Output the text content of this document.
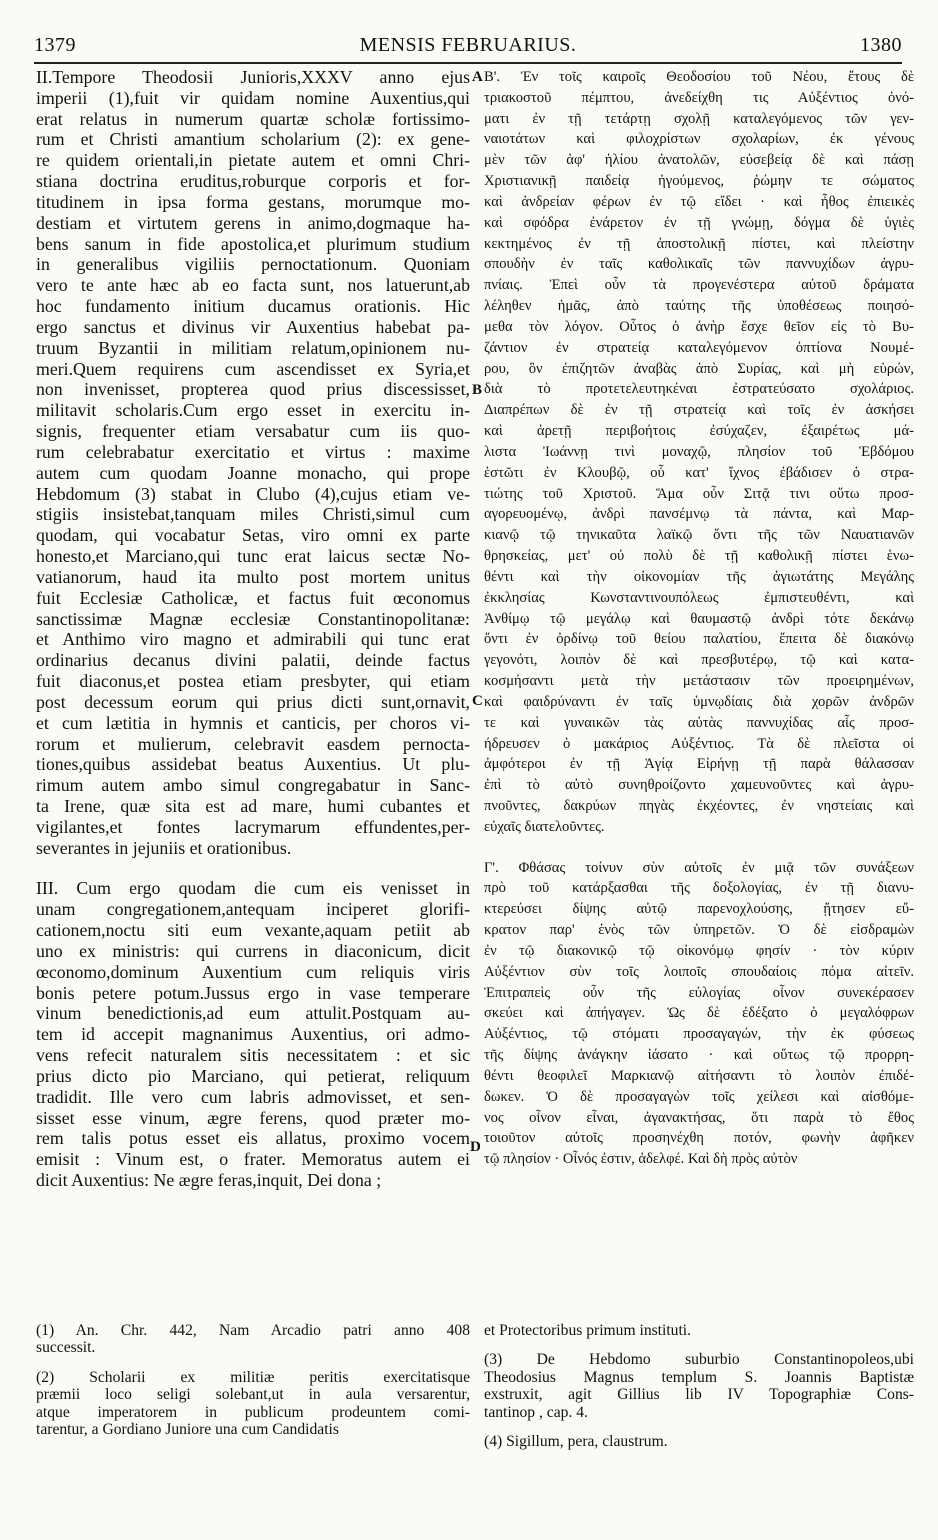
1379	MENSIS FEBRUARIUS.	1380
A
B
C
D
II.Tempore Theodosii Junioris,XXXV anno ejus
imperii (1),fuit vir quidam nomine Auxentius,qui
erat relatus in numerum quartæ scholæ fortissimo-
rum et Christi amantium scholarium (2): ex gene-
re quidem orientali,in pietate autem et omni Chri-
stiana doctrina eruditus,roburque corporis et for-
titudinem in ipsa forma gestans, morumque mo-
destiam et virtutem gerens in animo,dogmaque ha-
bens sanum in fide apostolica,et plurimum studium
in generalibus vigiliis pernoctationum. Quoniam
vero te ante hæc ab eo facta sunt, nos latuerunt,ab
hoc fundamento initium ducamus orationis. Hic
ergo sanctus et divinus vir Auxentius habebat pa-
truum Byzantii in militiam relatum,opinionem nu-
meri.Quem requirens cum ascendisset ex Syria,et
non invenisset, propterea quod prius discessisset,
militavit scholaris.Cum ergo esset in exercitu in-
signis, frequenter etiam versabatur cum iis quo-
rum celebrabatur exercitatio et virtus : maxime
autem cum quodam Joanne monacho, qui prope
Hebdomum (3) stabat in Clubo (4),cujus etiam ve-
stigiis insistebat,tanquam miles Christi,simul cum
quodam, qui vocabatur Setas, viro omni ex parte
honesto,et Marciano,qui tunc erat laicus sectæ No-
vatianorum, haud ita multo post mortem unitus
fuit Ecclesiæ Catholicæ, et factus fuit œconomus
sanctissimæ Magnæ ecclesiæ Constantinopolitanæ:
et Anthimo viro magno et admirabili qui tunc erat
ordinarius decanus divini palatii, deinde factus
fuit diaconus,et postea etiam presbyter, qui etiam
post decessum eorum qui prius dicti sunt,ornavit,
et cum lætitia in hymnis et canticis, per choros vi-
rorum et mulierum, celebravit easdem pernocta-
tiones,quibus assidebat beatus Auxentius. Ut plu-
rimum autem ambo simul congregabatur in Sanc-
ta Irene, quæ sita est ad mare, humi cubantes et
vigilantes,et fontes lacrymarum effundentes,per-
severantes in jejuniis et orationibus.
III. Cum ergo quodam die cum eis venisset in
unam congregationem,antequam inciperet glorifi-
cationem,noctu siti eum vexante,aquam petiit ab
uno ex ministris: qui currens in diaconicum, dicit
œconomo,dominum Auxentium cum reliquis viris
bonis petere potum.Jussus ergo in vase temperare
vinum benedictionis,ad eum attulit.Postquam au-
tem id accepit magnanimus Auxentius, ori admo-
vens refecit naturalem sitis necessitatem : et sic
prius dicto pio Marciano, qui petierat, reliquum
tradidit. Ille vero cum labris admovisset, et sen-
sisset esse vinum, ægre ferens, quod præter mo-
rem talis potus esset eis allatus, proximo vocem
emisit : Vinum est, o frater. Memoratus autem ei
dicit Auxentius: Ne ægre feras,inquit, Dei dona ;
Β'. Ἐν τοῖς καιροῖς Θεοδοσίου τοῦ Νέου, ἔτους δὲ
τριακοστοῦ πέμπτου, ἀνεδείχθη τις Αὐξέντιος ὀνό-
ματι ἐν τῇ τετάρτῃ σχολῇ καταλεγόμενος τῶν γεν-
ναιοτάτων καὶ φιλοχρίστων σχολαρίων, ἐκ γένους
μὲν τῶν ἀφ' ἡλίου ἀνατολῶν, εὐσεβείᾳ δὲ καὶ πάσῃ
Χριστιανικῇ παιδείᾳ ἡγούμενος, ῥώμην τε σώματος
καὶ ἀνδρείαν φέρων ἐν τῷ εἴδει · καὶ ἦθος ἐπιεικὲς
καὶ σφόδρα ἐνάρετον ἐν τῇ γνώμῃ, δόγμα δὲ ὑγιὲς
κεκτημένος ἐν τῇ ἀποστολικῇ πίστει, καὶ πλείστην
σπουδὴν ἐν ταῖς καθολικαῖς τῶν παννυχίδων ἀγρυ-
πνίαις. Ἐπεὶ οὖν τὰ προγενέστερα αὐτοῦ δράματα
λέληθεν ἡμᾶς, ἀπὸ ταύτης τῆς ὑποθέσεως ποιησό-
μεθα τὸν λόγον. Οὗτος ὁ ἀνὴρ ἔσχε θεῖον εἰς τὸ Βυ-
ζάντιον ἐν στρατείᾳ καταλεγόμενον ὀπτίονα Νουμέ-
ρου, ὃν ἐπιζητῶν ἀναβὰς ἀπὸ Συρίας, καὶ μὴ εὑρών,
διὰ τὸ προτετελευτηκέναι ἐστρατεύσατο σχολάριος.
Διαπρέπων δὲ ἐν τῇ στρατείᾳ καὶ τοῖς ἐν ἀσκήσει
καὶ ἀρετῇ περιβοήτοις ἐσύχαζεν, ἐξαιρέτως μά-
λιστα Ἰωάννῃ τινὶ μοναχῷ, πλησίον τοῦ Ἑβδόμου
ἑστῶτι ἐν Κλουβῷ, οὗ κατ' ἴχνος ἐβάδισεν ὁ στρα-
τιώτης τοῦ Χριστοῦ. Ἅμα οὖν Σιτᾷ τινι οὕτω προσ-
αγορευομένῳ, ἀνδρὶ πανσέμνῳ τὰ πάντα, καὶ Μαρ-
κιανῷ τῷ τηνικαῦτα λαϊκῷ ὄντι τῆς τῶν Ναυατιανῶν
θρησκείας, μετ' οὐ πολὺ δὲ τῇ καθολικῇ πίστει ἑνω-
θέντι καὶ τὴν οἰκονομίαν τῆς ἁγιωτάτης Μεγάλης
ἐκκλησίας Κωνσταντινουπόλεως ἐμπιστευθέντι, καὶ
Ἀνθίμῳ τῷ μεγάλῳ καὶ θαυμαστῷ ἀνδρὶ τότε δεκάνῳ
ὄντι ἐν ὀρδίνῳ τοῦ θείου παλατίου, ἔπειτα δὲ διακόνῳ
γεγονότι, λοιπὸν δὲ καὶ πρεσβυτέρῳ, τῷ καὶ κατα-
κοσμήσαντι μετὰ τὴν μετάστασιν τῶν προειρημένων,
καὶ φαιδρύναντι ἐν ταῖς ὑμνῳδίαις διὰ χορῶν ἀνδρῶν
τε καὶ γυναικῶν τὰς αὐτὰς παννυχίδας αἷς προσ-
ήδρευσεν ὁ μακάριος Αὐξέντιος. Τὰ δὲ πλεῖστα οἱ
ἀμφότεροι ἐν τῇ Ἁγίᾳ Εἰρήνῃ τῇ παρὰ θάλασσαν
ἐπὶ τὸ αὐτὸ συνηθροίζοντο χαμευνοῦντες καὶ ἀγρυ-
πνοῦντες, δακρύων πηγὰς ἐκχέοντες, ἐν νηστείαις καὶ
εὐχαῖς διατελοῦντες.
Γ'. Φθάσας τοίνυν σὺν αὐτοῖς ἐν μιᾷ τῶν συνάξεων
πρὸ τοῦ κατάρξασθαι τῆς δοξολογίας, ἐν τῇ διανυ-
κτερεύσει δίψης αὐτῷ παρενοχλούσης, ᾔτησεν εὔ-
κρατον παρ' ἑνὸς τῶν ὑπηρετῶν. Ὁ δὲ εἰσδραμὼν
ἐν τῷ διακονικῷ τῷ οἰκονόμῳ φησίν · τὸν κύριν
Αὐξέντιον σὺν τοῖς λοιποῖς σπουδαίοις πόμα αἰτεῖν.
Ἐπιτραπεὶς οὖν τῆς εὐλογίας οἶνον συνεκέρασεν
σκεύει καὶ ἀπήγαγεν. Ὡς δὲ ἐδέξατο ὁ μεγαλόφρων
Αὐξέντιος, τῷ στόματι προσαγαγών, τὴν ἐκ φύσεως
τῆς δίψης ἀνάγκην ἰάσατο · καὶ οὕτως τῷ προρρη-
θέντι θεοφιλεῖ Μαρκιανῷ αἰτήσαντι τὸ λοιπὸν ἐπιδέ-
δωκεν. Ὁ δὲ προσαγαγὼν τοῖς χείλεσι καὶ αἰσθόμε-
νος οἶνον εἶναι, ἀγανακτήσας, ὅτι παρὰ τὸ ἔθος
τοιοῦτον αὐτοῖς προσηνέχθη ποτόν, φωνὴν ἀφῆκεν
τῷ πλησίον · Οἶνός ἐστιν, ἀδελφέ. Καὶ δὴ πρὸς αὐτὸν
(1) An. Chr. 442, Nam Arcadio patri anno 408
successit.
(2) Scholarii ex militiæ peritis exercitatisque
præmii loco seligi solebant,ut in aula versarentur,
atque imperatorem in publicum prodeuntem comi-
tarentur, a Gordiano Juniore una cum Candidatis
et Protectoribus primum instituti.
(3) De Hebdomo suburbio Constantinopoleos,ubi
Theodosius Magnus templum S. Joannis Baptistæ
exstruxit, agit Gillius lib IV Topographiæ Cons-
tantinop , cap. 4.
(4) Sigillum, pera, claustrum.
